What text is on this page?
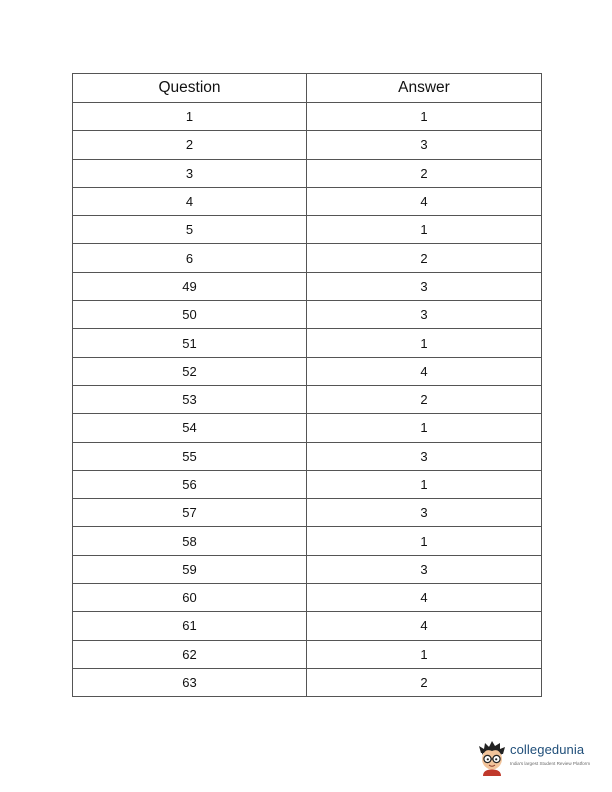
Question	Answer
1	1
2	3
3	2
4	4
5	1
6	2
49	3
50	3
51	1
52	4
53	2
54	1
55	3
56	1
57	3
58	1
59	3
60	4
61	4
62	1
63	2
collegedunia
India's largest Student Review Platform
